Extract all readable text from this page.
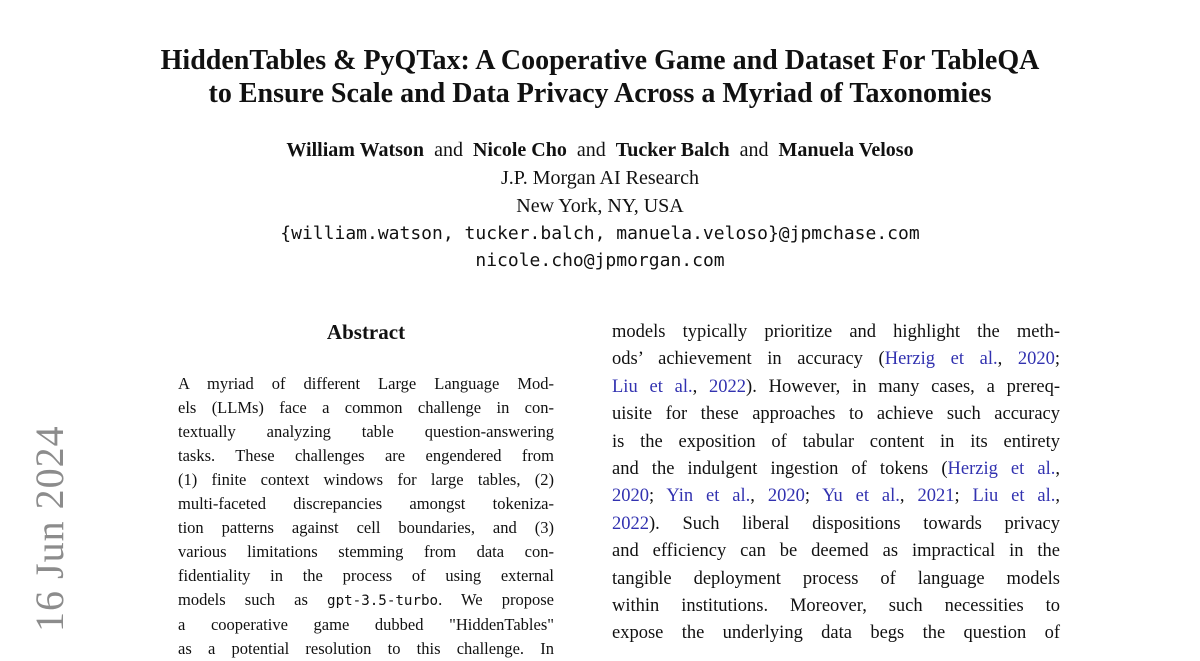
16 Jun 2024
HiddenTables & PyQTax: A Cooperative Game and Dataset For TableQA
to Ensure Scale and Data Privacy Across a Myriad of Taxonomies
William Watson  and  Nicole Cho  and  Tucker Balch  and  Manuela Veloso
J.P. Morgan AI Research
New York, NY, USA
{william.watson, tucker.balch, manuela.veloso}@jpmchase.com
nicole.cho@jpmorgan.com
Abstract
A myriad of different Large Language Mod-
els (LLMs) face a common challenge in con-
textually analyzing table question-answering
tasks. These challenges are engendered from
(1) finite context windows for large tables, (2)
multi-faceted discrepancies amongst tokeniza-
tion patterns against cell boundaries, and (3)
various limitations stemming from data con-
fidentiality in the process of using external
models such as gpt-3.5-turbo. We propose
a cooperative game dubbed "HiddenTables"
as a potential resolution to this challenge. In
models typically prioritize and highlight the meth-
ods’ achievement in accuracy (Herzig et al., 2020;
Liu et al., 2022). However, in many cases, a prereq-
uisite for these approaches to achieve such accuracy
is the exposition of tabular content in its entirety
and the indulgent ingestion of tokens (Herzig et al.,
2020; Yin et al., 2020; Yu et al., 2021; Liu et al.,
2022). Such liberal dispositions towards privacy
and efficiency can be deemed as impractical in the
tangible deployment process of language models
within institutions. Moreover, such necessities to
expose the underlying data begs the question of
